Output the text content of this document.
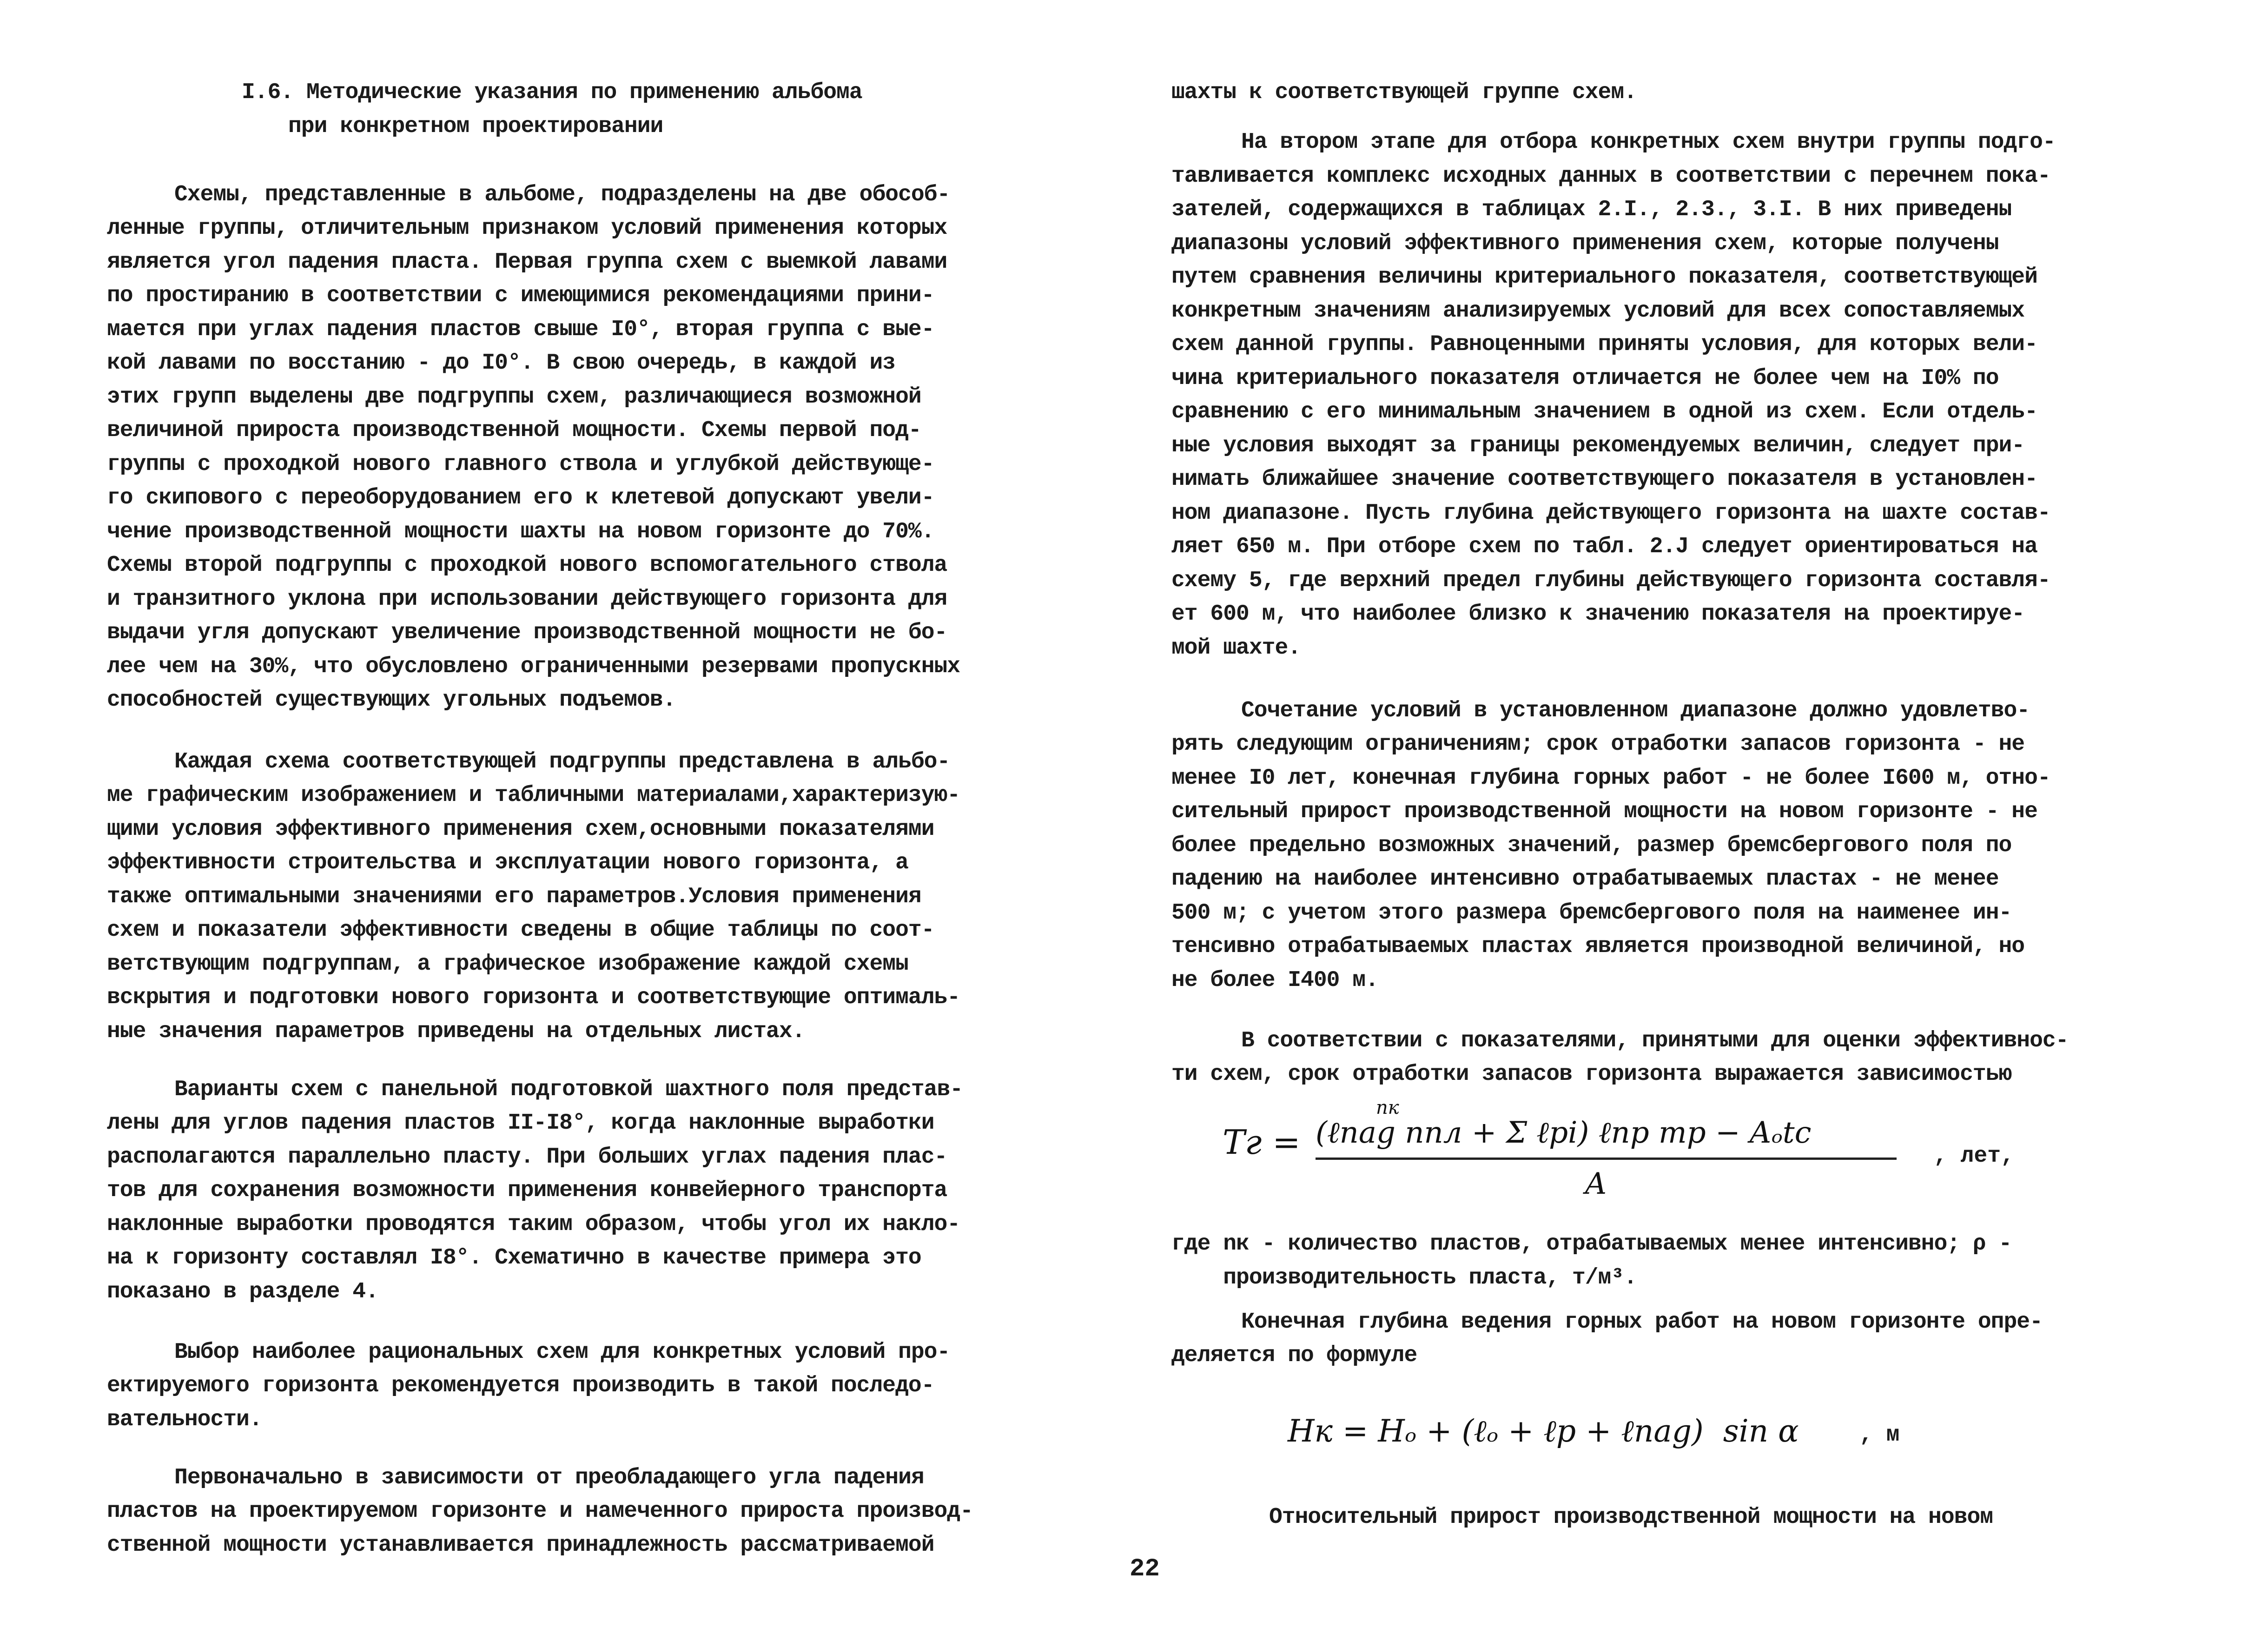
I.6. Методические указания по применению альбома
при конкретном проектировании
Схемы, представленные в альбоме, подразделены на две обособ-
ленные группы, отличительным признаком условий применения которых
является угол падения пласта. Первая группа схем с выемкой лавами
по простиранию в соответствии с имеющимися рекомендациями прини-
мается при углах падения пластов свыше I0°, вторая группа с вые-
кой лавами по восстанию - до I0°. В свою очередь, в каждой из
этих групп выделены две подгруппы схем, различающиеся возможной
величиной прироста производственной мощности. Схемы первой под-
группы с проходкой нового главного ствола и углубкой действующе-
го скипового с переоборудованием его к клетевой допускают увели-
чение производственной мощности шахты на новом горизонте до 70%.
Схемы второй подгруппы с проходкой нового вспомогательного ствола
и транзитного уклона при использовании действующего горизонта для
выдачи угля допускают увеличение производственной мощности не бо-
лее чем на 30%, что обусловлено ограниченными резервами пропускных
способностей существующих угольных подъемов.
Каждая схема соответствующей подгруппы представлена в альбо-
ме графическим изображением и табличными материалами,характеризую-
щими условия эффективного применения схем,основными показателями
эффективности строительства и эксплуатации нового горизонта, а
также оптимальными значениями его параметров.Условия применения
схем и показатели эффективности сведены в общие таблицы по соот-
ветствующим подгруппам, а графическое изображение каждой схемы
вскрытия и подготовки нового горизонта и соответствующие оптималь-
ные значения параметров приведены на отдельных листах.
Варианты схем с панельной подготовкой шахтного поля представ-
лены для углов падения пластов II-I8°, когда наклонные выработки
располагаются параллельно пласту. При больших углах падения плас-
тов для сохранения возможности применения конвейерного транспорта
наклонные выработки проводятся таким образом, чтобы угол их накло-
на к горизонту составлял I8°. Схематично в качестве примера это
показано в разделе 4.
Выбор наиболее рациональных схем для конкретных условий про-
ектируемого горизонта рекомендуется производить в такой последо-
вательности.
Первоначально в зависимости от преобладающего угла падения
пластов на проектируемом горизонте и намеченного прироста производ-
ственной мощности устанавливается принадлежность рассматриваемой
шахты к соответствующей группе схем.
На втором этапе для отбора конкретных схем внутри группы подго-
тавливается комплекс исходных данных в соответствии с перечнем пока-
зателей, содержащихся в таблицах 2.I., 2.3., 3.I. В них приведены
диапазоны условий эффективного применения схем, которые получены
путем сравнения величины критериального показателя, соответствующей
конкретным значениям анализируемых условий для всех сопоставляемых
схем данной группы. Равноценными приняты условия, для которых вели-
чина критериального показателя отличается не более чем на I0% по
сравнению с его минимальным значением в одной из схем. Если отдель-
ные условия выходят за границы рекомендуемых величин, следует при-
нимать ближайшее значение соответствующего показателя в установлен-
ном диапазоне. Пусть глубина действующего горизонта на шахте состав-
ляет 650 м. При отборе схем по табл. 2.J следует ориентироваться на
схему 5, где верхний предел глубины действующего горизонта составля-
ет 600 м, что наиболее близко к значению показателя на проектируе-
мой шахте.
Сочетание условий в установленном диапазоне должно удовлетво-
рять следующим ограничениям; срок отработки запасов горизонта - не
менее I0 лет, конечная глубина горных работ - не более I600 м, отно-
сительный прирост производственной мощности на новом горизонте - не
более предельно возможных значений, размер бремсбергового поля по
падению на наиболее интенсивно отрабатываемых пластах - не менее
500 м; с учетом этого размера бремсбергового поля на наименее ин-
тенсивно отрабатываемых пластах является производной величиной, но
не более I400 м.
В соответствии с показателями, принятыми для оценки эффективнос-
ти схем, срок отработки запасов горизонта выражается зависимостью
Tг =
nк
(ℓnag nпл + Σ ℓpi) ℓnp mp − Aₒtc
A
, лет,
где nк - количество пластов, отрабатываемых менее интенсивно; ρ -
производительность пласта, т/м³.
Конечная глубина ведения горных работ на новом горизонте опре-
деляется по формуле
Hк = Hₒ + (ℓₒ + ℓp + ℓnag)  sin α	, м
Относительный прирост производственной мощности на новом
22
